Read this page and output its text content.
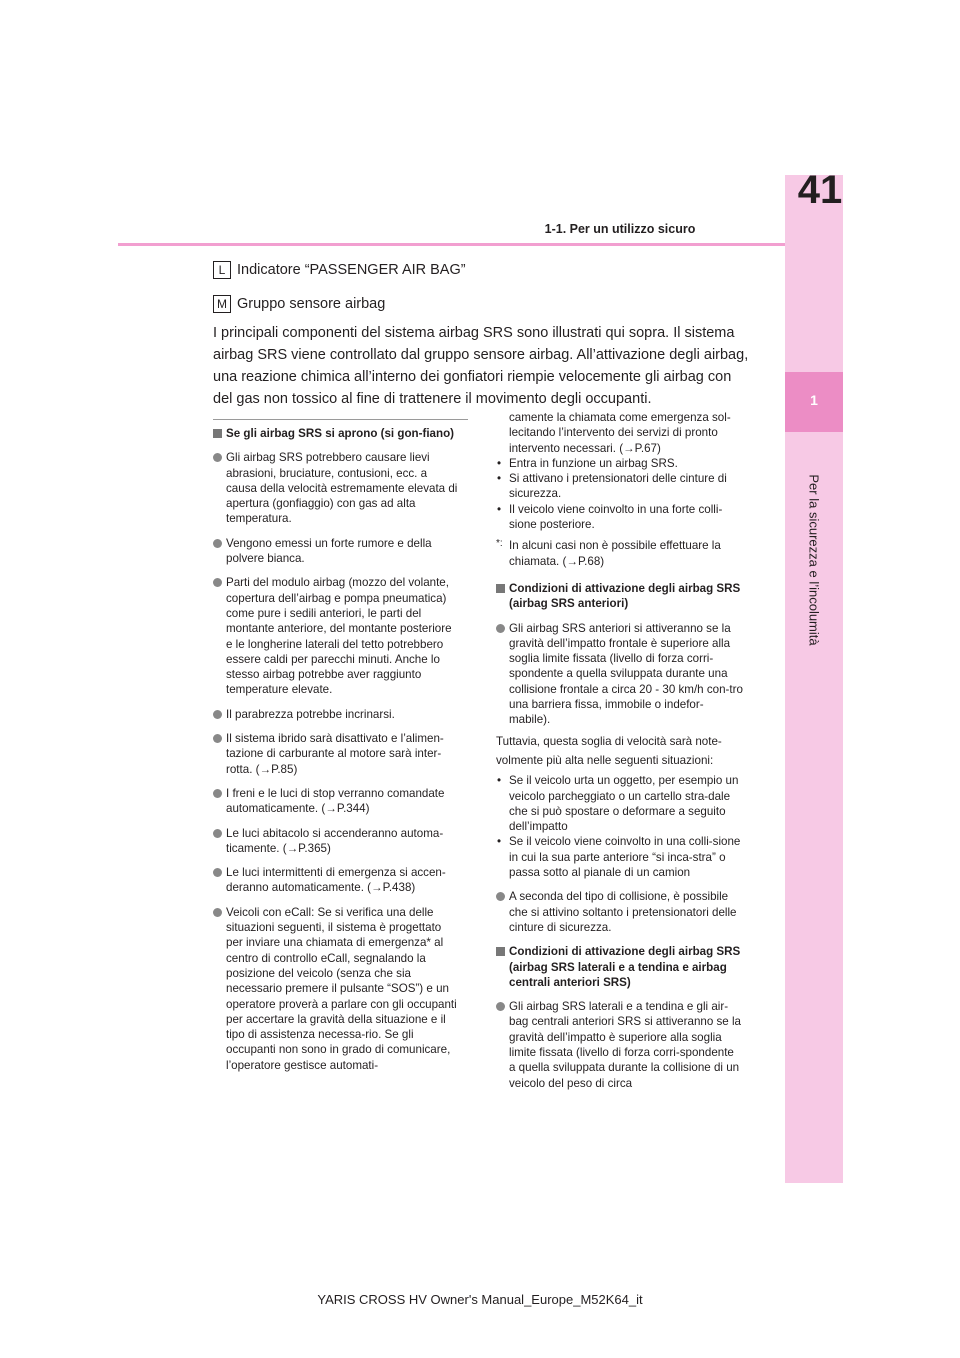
1
Per la sicurezza e l’incolumità
41
1-1. Per un utilizzo sicuro
L Indicatore “PASSENGER AIR BAG”
M Gruppo sensore airbag
I principali componenti del sistema airbag SRS sono illustrati qui sopra. Il sistema airbag SRS viene controllato dal gruppo sensore airbag. All’attivazione degli airbag, una reazione chimica all’interno dei gonfiatori riempie velocemente gli airbag con del gas non tossico al fine di trattenere il movimento degli occupanti.

Se gli airbag SRS si aprono (si gon-fiano)

Gli airbag SRS potrebbero causare lievi abrasioni, bruciature, contusioni, ecc. a causa della velocità estremamente elevata di apertura (gonfiaggio) con gas ad alta temperatura.

Vengono emessi un forte rumore e della polvere bianca.

Parti del modulo airbag (mozzo del volante, copertura dell’airbag e pompa pneumatica) come pure i sedili anteriori, le parti del montante anteriore, del montante posteriore e le longherine laterali del tetto potrebbero essere caldi per parecchi minuti. Anche lo stesso airbag potrebbe aver raggiunto temperature elevate.

Il parabrezza potrebbe incrinarsi.

Il sistema ibrido sarà disattivato e l’alimen-tazione di carburante al motore sarà inter-rotta. (→P.85)

I freni e le luci di stop verranno comandate automaticamente. (→P.344)

Le luci abitacolo si accenderanno automa-ticamente. (→P.365)

Le luci intermittenti di emergenza si accen-deranno automaticamente. (→P.438)

Veicoli con eCall: Se si verifica una delle situazioni seguenti, il sistema è progettato per inviare una chiamata di emergenza* al centro di controllo eCall, segnalando la posizione del veicolo (senza che sia necessario premere il pulsante “SOS”) e un operatore proverà a parlare con gli occupanti per accertare la gravità della situazione e il tipo di assistenza necessa-rio. Se gli occupanti non sono in grado di comunicare, l’operatore gestisce automati-

camente la chiamata come emergenza sol-lecitando l’intervento dei servizi di pronto intervento necessari. (→P.67)

• Entra in funzione un airbag SRS.

• Si attivano i pretensionatori delle cinture di sicurezza.

• Il veicolo viene coinvolto in una forte colli-sione posteriore.

*: In alcuni casi non è possibile effettuare la chiamata. (→P.68)

Condizioni di attivazione degli airbag SRS (airbag SRS anteriori)

Gli airbag SRS anteriori si attiveranno se la gravità dell’impatto frontale è superiore alla soglia limite fissata (livello di forza corri-spondente a quella sviluppata durante una collisione frontale a circa 20 - 30 km/h con-tro una barriera fissa, immobile o indefor-mabile).

Tuttavia, questa soglia di velocità sarà note-

volmente più alta nelle seguenti situazioni:

• Se il veicolo urta un oggetto, per esempio un veicolo parcheggiato o un cartello stra-dale che si può spostare o deformare a seguito dell’impatto

• Se il veicolo viene coinvolto in una colli-sione in cui la sua parte anteriore “si inca-stra” o passa sotto al pianale di un camion

A seconda del tipo di collisione, è possibile che si attivino soltanto i pretensionatori delle cinture di sicurezza.

Condizioni di attivazione degli airbag SRS (airbag SRS laterali e a tendina e airbag centrali anteriori SRS)

Gli airbag SRS laterali e a tendina e gli air-bag centrali anteriori SRS si attiveranno se la gravità dell’impatto è superiore alla soglia limite fissata (livello di forza corri-spondente a quella sviluppata durante la collisione di un veicolo del peso di circa

YARIS CROSS HV Owner's Manual_Europe_M52K64_it
